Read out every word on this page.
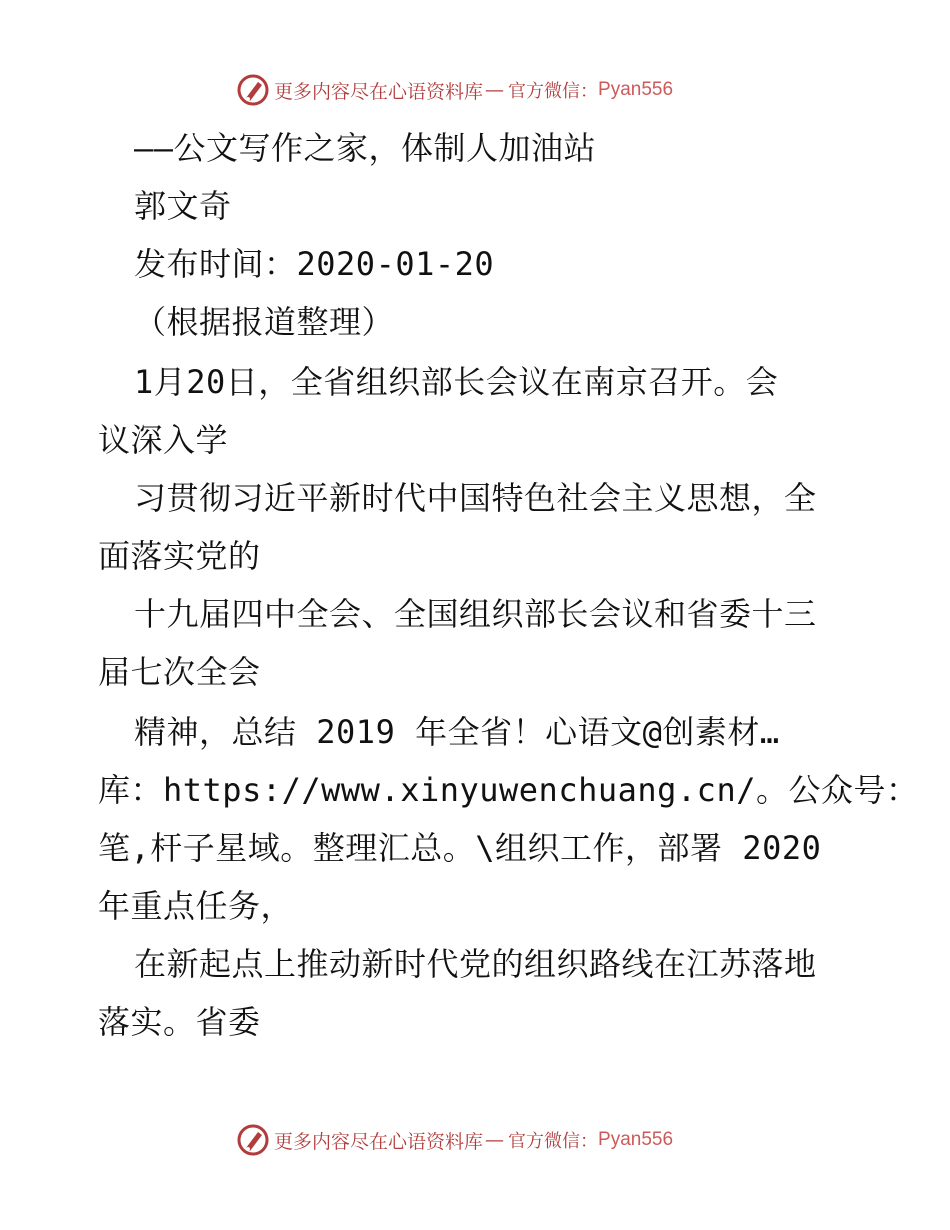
更多内容尽在心语资料库 — 官方微信： Pyan556
——公文写作之家，体制人加油站
郭文奇
发布时间：2020-01-20
（根据报道整理）
1月20日，全省组织部长会议在南京召开。会
议深入学
习贯彻习近平新时代中国特色社会主义思想，全
面落实党的
十九届四中全会、全国组织部长会议和省委十三
届七次全会
精神，总结 2019 年全省！心语文@创素材…
库：https://www.xinyuwenchuang.cn/。公众号：
笔,杆子星域。整理汇总。\组织工作，部署 2020
年重点任务，
在新起点上推动新时代党的组织路线在江苏落地
落实。省委
更多内容尽在心语资料库 — 官方微信： Pyan556
